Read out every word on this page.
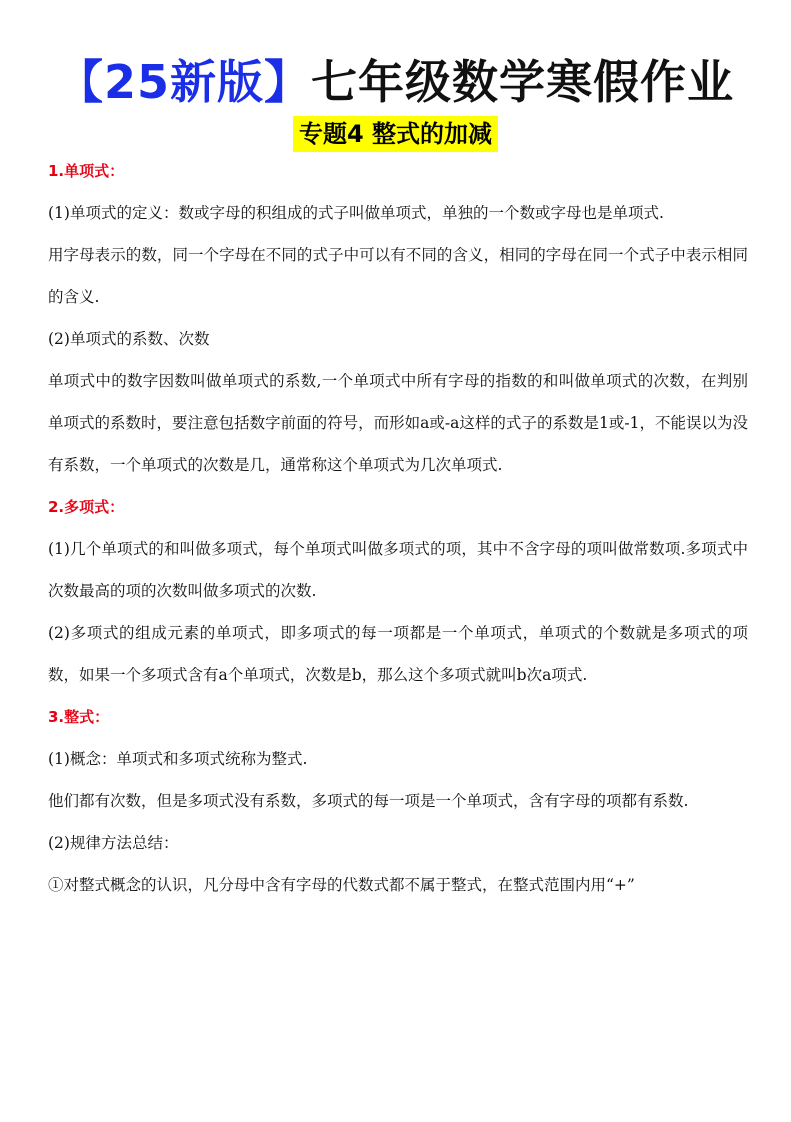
【25新版】七年级数学寒假作业
专题4 整式的加减

1.单项式：

(1)单项式的定义：数或字母的积组成的式子叫做单项式，单独的一个数或字母也是单项式.

用字母表示的数，同一个字母在不同的式子中可以有不同的含义，相同的字母在同一个式子中表示相同的含义.

(2)单项式的系数、次数

单项式中的数字因数叫做单项式的系数,一个单项式中所有字母的指数的和叫做单项式的次数，在判别单项式的系数时，要注意包括数字前面的符号，而形如a或-a这样的式子的系数是1或-1，不能误以为没有系数，一个单项式的次数是几，通常称这个单项式为几次单项式.

2.多项式：

(1)几个单项式的和叫做多项式，每个单项式叫做多项式的项，其中不含字母的项叫做常数项.多项式中次数最高的项的次数叫做多项式的次数.

(2)多项式的组成元素的单项式，即多项式的每一项都是一个单项式，单项式的个数就是多项式的项数，如果一个多项式含有a个单项式，次数是b，那么这个多项式就叫b次a项式.

3.整式：

(1)概念：单项式和多项式统称为整式.

他们都有次数，但是多项式没有系数，多项式的每一项是一个单项式，含有字母的项都有系数.

(2)规律方法总结：

①对整式概念的认识，凡分母中含有字母的代数式都不属于整式，在整式范围内用“+”
